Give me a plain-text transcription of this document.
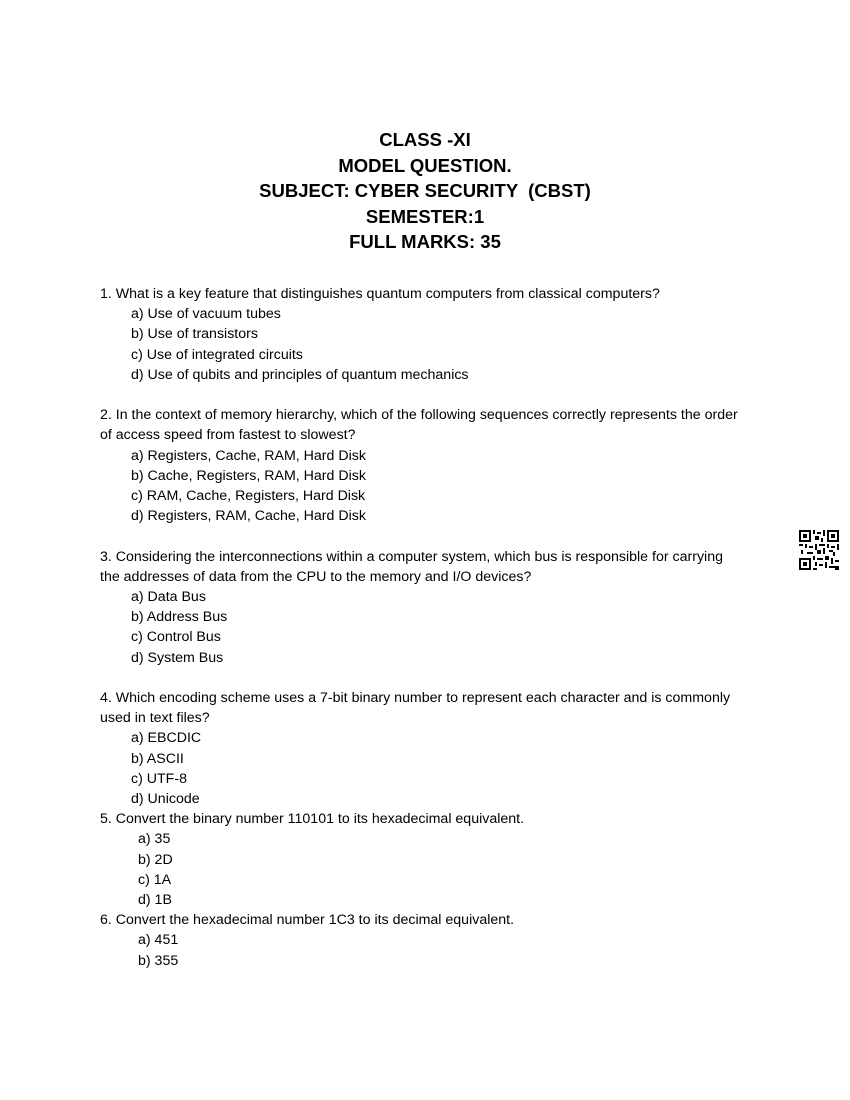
CLASS -XI
MODEL QUESTION.
SUBJECT: CYBER SECURITY  (CBST)
SEMESTER:1
FULL MARKS: 35
1. What is a key feature that distinguishes quantum computers from classical computers?
a) Use of vacuum tubes
b) Use of transistors
c) Use of integrated circuits
d) Use of qubits and principles of quantum mechanics
2. In the context of memory hierarchy, which of the following sequences correctly represents the order of access speed from fastest to slowest?
a) Registers, Cache, RAM, Hard Disk
b) Cache, Registers, RAM, Hard Disk
c) RAM, Cache, Registers, Hard Disk
d) Registers, RAM, Cache, Hard Disk
3. Considering the interconnections within a computer system, which bus is responsible for carrying the addresses of data from the CPU to the memory and I/O devices?
a) Data Bus
b) Address Bus
c) Control Bus
d) System Bus
4. Which encoding scheme uses a 7-bit binary number to represent each character and is commonly used in text files?
a) EBCDIC
b) ASCII
c) UTF-8
d) Unicode
5. Convert the binary number 110101 to its hexadecimal equivalent.
a) 35
b) 2D
c) 1A
d) 1B
6. Convert the hexadecimal number 1C3 to its decimal equivalent.
a) 451
b) 355
